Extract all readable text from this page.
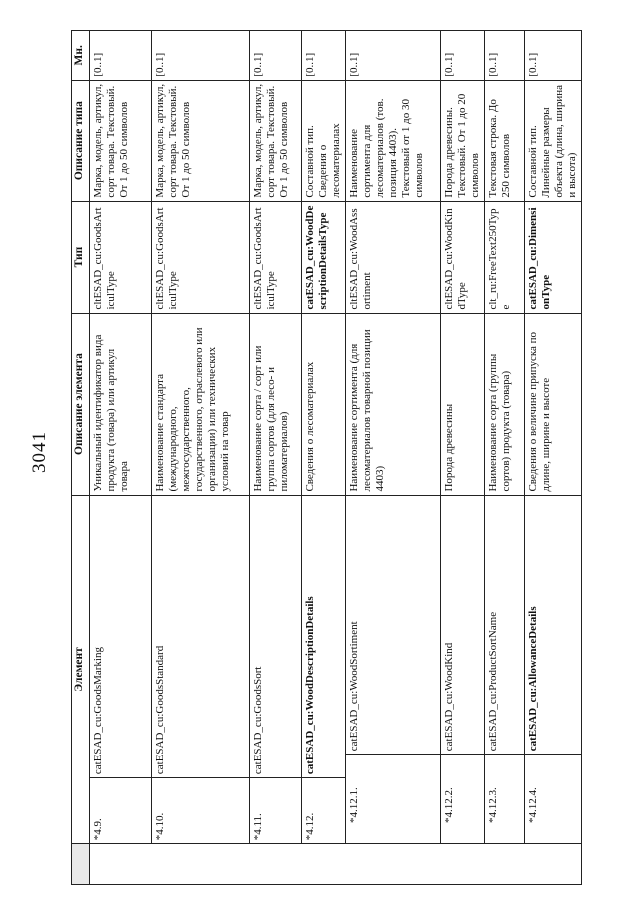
3041
	Элемент				Описание элемента	Тип	Описание типа	Мн.
	*4.9.		catESAD_cu:GoodsMarking		Уникальный идентификатор вида продукта (товара) или артикул товара	cltESAD_cu:GoodsArticulType	Марка, модель, артикул, сорт товара. Текстовый. От 1 до 50 символов	[0..1]
	*4.10.		catESAD_cu:GoodsStandard		Наименование стандарта (международного, межгосударственного, государственного, отраслевого или организации) или технических условий на товар	cltESAD_cu:GoodsArticulType	Марка, модель, артикул, сорт товара. Текстовый. От 1 до 50 символов	[0..1]
	*4.11.		catESAD_cu:GoodsSort		Наименование сорта / сорт или группа сортов (для лесо- и пиломатериалов)	cltESAD_cu:GoodsArticulType	Марка, модель, артикул, сорт товара. Текстовый. От 1 до 50 символов	[0..1]
	*4.12.		catESAD_cu:WoodDescriptionDetails		Сведения о лесоматериалах	catESAD_cu:WoodDescriptionDetailsType	Составной тип. Сведения о лесоматериалах	[0..1]
		*4.12.1.		catESAD_cu:WoodSortiment	Наименование сортимента (для лесоматериалов товарной позиции 4403)	cltESAD_cu:WoodAssortiment	Наименование сортимента для лесоматериалов (тов. позиция 4403). Текстовый от 1 до 30 символов	[0..1]
		*4.12.2.		catESAD_cu:WoodKind	Порода древесины	cltESAD_cu:WoodKindType	Порода древесины. Текстовый. От 1 до 20 символов	[0..1]
		*4.12.3.		catESAD_cu:ProductSortName	Наименование сорта (группы сортов) продукта (товара)	clt_ru:FreeText250Type	Текстовая строка. До 250 символов	[0..1]
		*4.12.4.		catESAD_cu:AllowanceDetails	Сведения о величине припуска по длине, ширине и высоте	catESAD_cu:DimensionType	Составной тип. Линейные размеры объекта (длина, ширина и высота)	[0..1]
